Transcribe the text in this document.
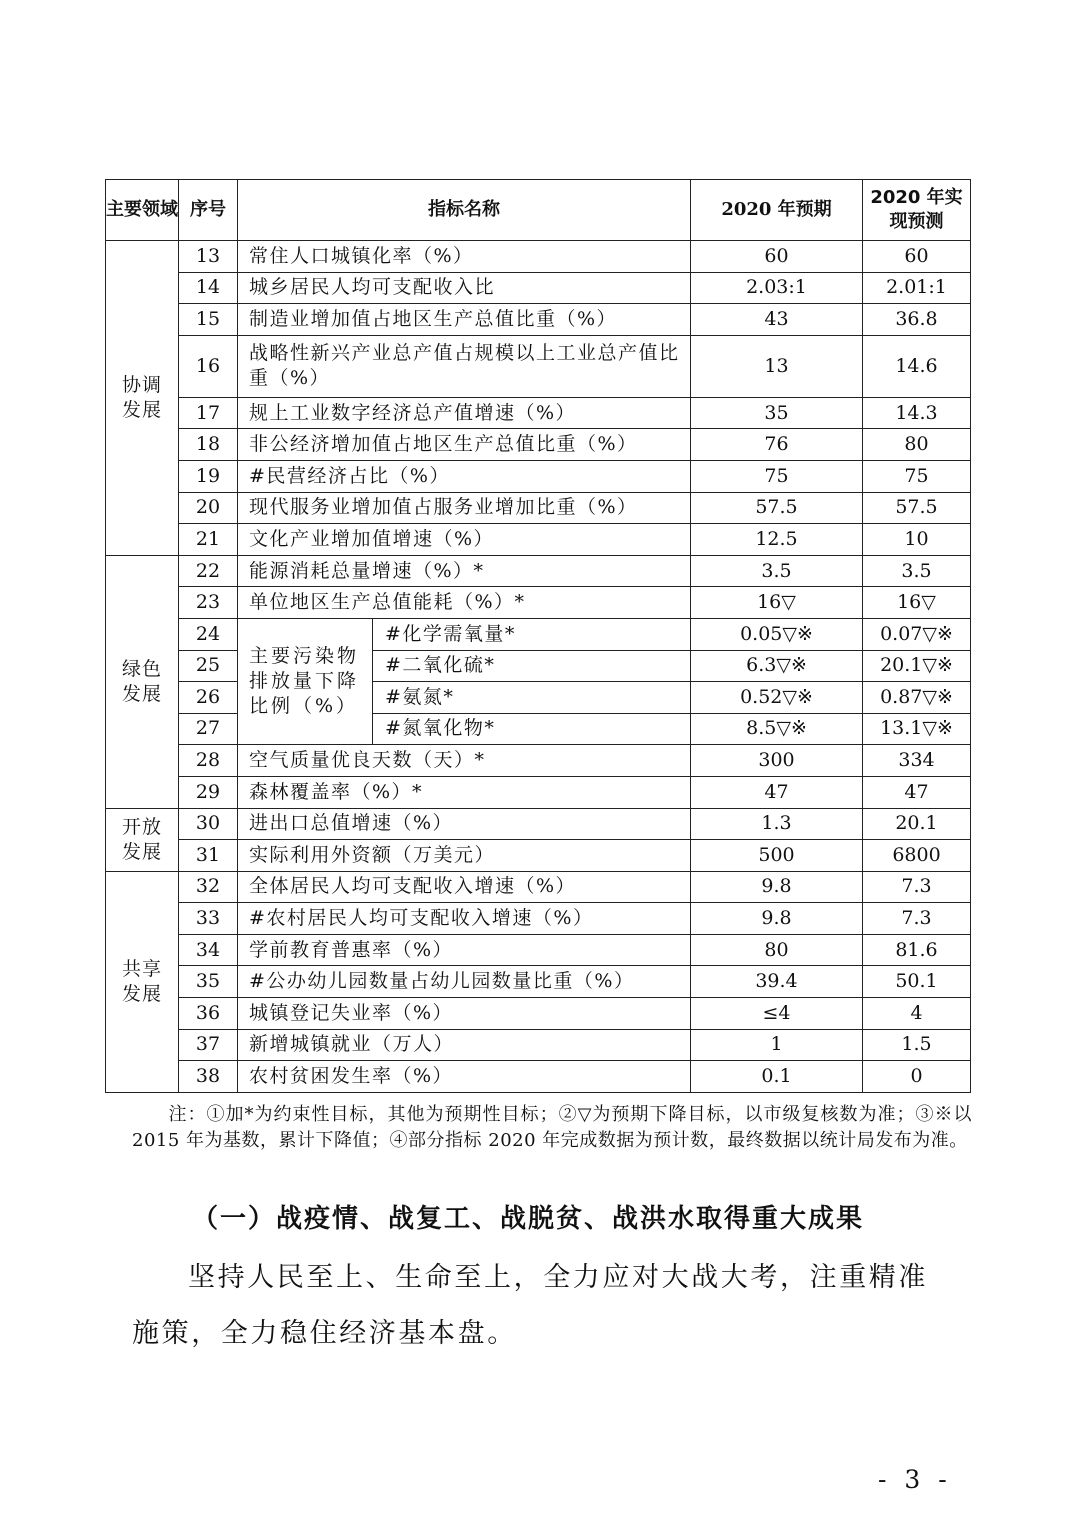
主要领域	序号	指标名称		2020 年预期	2020 年实现预测
协调发展	13	常住人口城镇化率（%）		60	60
	14	城乡居民人均可支配收入比		2.03:1	2.01:1
	15	制造业增加值占地区生产总值比重（%）		43	36.8
	16	战略性新兴产业总产值占规模以上工业总产值比重（%）		13	14.6
	17	规上工业数字经济总产值增速（%）		35	14.3
	18	非公经济增加值占地区生产总值比重（%）		76	80
	19	#民营经济占比（%）		75	75
	20	现代服务业增加值占服务业增加比重（%）		57.5	57.5
	21	文化产业增加值增速（%）		12.5	10
绿色发展	22	能源消耗总量增速（%）*		3.5	3.5
	23	单位地区生产总值能耗（%）*		16▽	16▽
	24	主要污染物排放量下降比例（%）	#化学需氧量*	0.05▽※	0.07▽※
	25		#二氧化硫*	6.3▽※	20.1▽※
	26		#氨氮*	0.52▽※	0.87▽※
	27		#氮氧化物*	8.5▽※	13.1▽※
	28	空气质量优良天数（天）*		300	334
	29	森林覆盖率（%）*		47	47
开放发展	30	进出口总值增速（%）		1.3	20.1
	31	实际利用外资额（万美元）		500	6800
共享发展	32	全体居民人均可支配收入增速（%）		9.8	7.3
	33	#农村居民人均可支配收入增速（%）		9.8	7.3
	34	学前教育普惠率（%）		80	81.6
	35	#公办幼儿园数量占幼儿园数量比重（%）		39.4	50.1
	36	城镇登记失业率（%）		≤4	4
	37	新增城镇就业（万人）		1	1.5
	38	农村贫困发生率（%）		0.1	0
注：①加*为约束性目标，其他为预期性目标；②▽为预期下降目标，以市级复核数为准；③※以 2015 年为基数，累计下降值；④部分指标 2020 年完成数据为预计数，最终数据以统计局发布为准。
（一）战疫情、战复工、战脱贫、战洪水取得重大成果

坚持人民至上、生命至上，全力应对大战大考，注重精准施策，全力稳住经济基本盘。

- 3 -
